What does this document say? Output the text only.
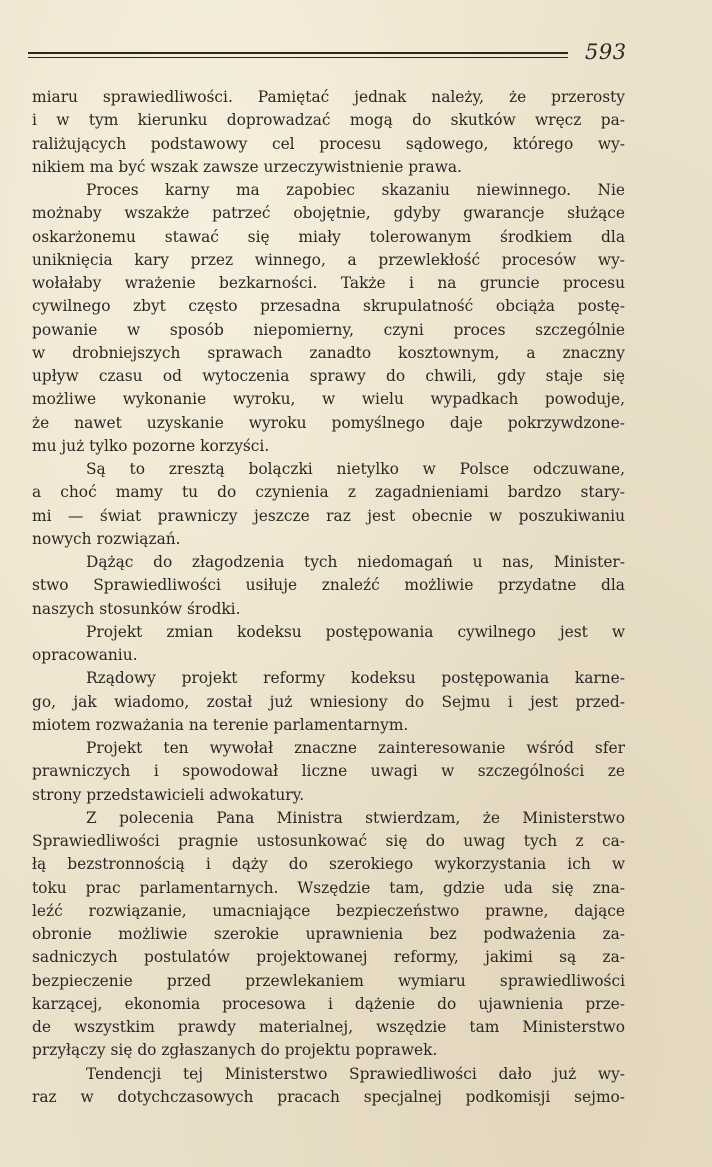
593
miaru sprawiedliwości. Pamiętać jednak należy, że przerosty
i w tym kierunku doprowadzać mogą do skutków wręcz pa-
raliżujących podstawowy cel procesu sądowego, którego wy-
nikiem ma być wszak zawsze urzeczywistnienie prawa.
Proces karny ma zapobiec skazaniu niewinnego. Nie
możnaby wszakże patrzeć obojętnie, gdyby gwarancje służące
oskarżonemu stawać się miały tolerowanym środkiem dla
uniknięcia kary przez winnego, a przewlekłość procesów wy-
wołałaby wrażenie bezkarności. Także i na gruncie procesu
cywilnego zbyt często przesadna skrupulatność obciąża postę-
powanie w sposób niepomierny, czyni proces szczególnie
w drobniejszych sprawach zanadto kosztownym, a znaczny
upływ czasu od wytoczenia sprawy do chwili, gdy staje się
możliwe wykonanie wyroku, w wielu wypadkach powoduje,
że nawet uzyskanie wyroku pomyślnego daje pokrzywdzone-
mu już tylko pozorne korzyści.
Są to zresztą bolączki nietylko w Polsce odczuwane,
a choć mamy tu do czynienia z zagadnieniami bardzo stary-
mi — świat prawniczy jeszcze raz jest obecnie w poszukiwaniu
nowych rozwiązań.
Dążąc do złagodzenia tych niedomagań u nas, Minister-
stwo Sprawiedliwości usiłuje znaleźć możliwie przydatne dla
naszych stosunków środki.
Projekt zmian kodeksu postępowania cywilnego jest w
opracowaniu.
Rządowy projekt reformy kodeksu postępowania karne-
go, jak wiadomo, został już wniesiony do Sejmu i jest przed-
miotem rozważania na terenie parlamentarnym.
Projekt ten wywołał znaczne zainteresowanie wśród sfer
prawniczych i spowodował liczne uwagi w szczególności ze
strony przedstawicieli adwokatury.
Z polecenia Pana Ministra stwierdzam, że Ministerstwo
Sprawiedliwości pragnie ustosunkować się do uwag tych z ca-
łą bezstronnością i dąży do szerokiego wykorzystania ich w
toku prac parlamentarnych. Wszędzie tam, gdzie uda się zna-
leźć rozwiązanie, umacniające bezpieczeństwo prawne, dające
obronie możliwie szerokie uprawnienia bez podważenia za-
sadniczych postulatów projektowanej reformy, jakimi są za-
bezpieczenie przed przewlekaniem wymiaru sprawiedliwości
karzącej, ekonomia procesowa i dążenie do ujawnienia prze-
de wszystkim prawdy materialnej, wszędzie tam Ministerstwo
przyłączy się do zgłaszanych do projektu poprawek.
Tendencji tej Ministerstwo Sprawiedliwości dało już wy-
raz w dotychczasowych pracach specjalnej podkomisji sejmo-
